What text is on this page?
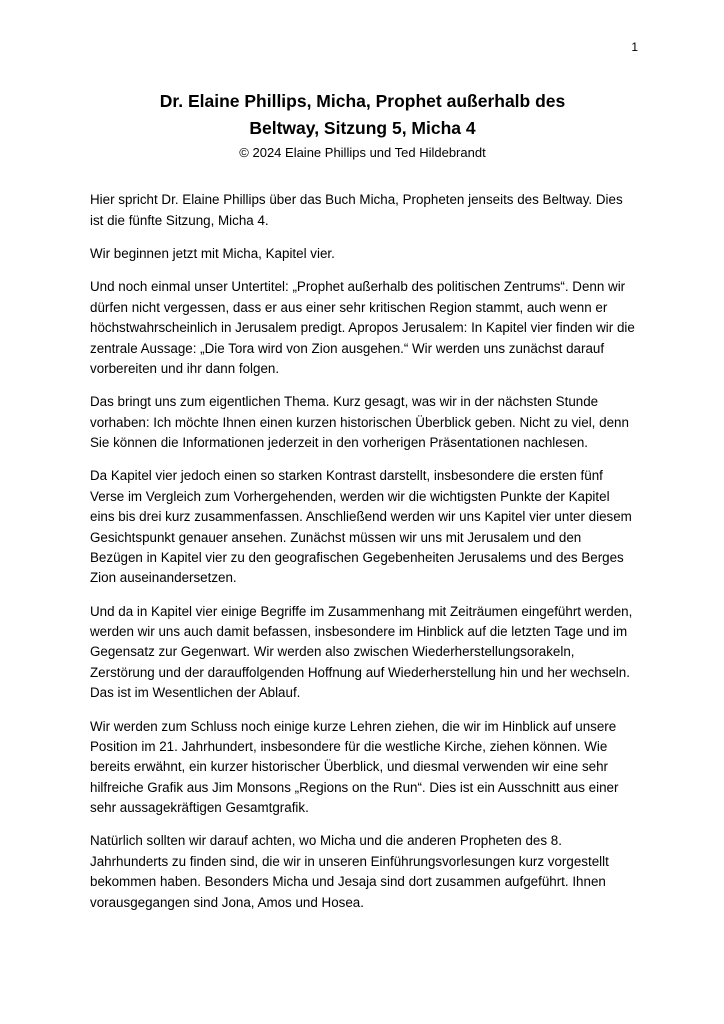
1
Dr. Elaine Phillips, Micha, Prophet außerhalb des
Beltway, Sitzung 5, Micha 4
© 2024 Elaine Phillips und Ted Hildebrandt

Hier spricht Dr. Elaine Phillips über das Buch Micha, Propheten jenseits des Beltway. Dies ist die fünfte Sitzung, Micha 4.

Wir beginnen jetzt mit Micha, Kapitel vier.

Und noch einmal unser Untertitel: „Prophet außerhalb des politischen Zentrums“. Denn wir dürfen nicht vergessen, dass er aus einer sehr kritischen Region stammt, auch wenn er höchstwahrscheinlich in Jerusalem predigt. Apropos Jerusalem: In Kapitel vier finden wir die zentrale Aussage: „Die Tora wird von Zion ausgehen.“ Wir werden uns zunächst darauf vorbereiten und ihr dann folgen.

Das bringt uns zum eigentlichen Thema. Kurz gesagt, was wir in der nächsten Stunde vorhaben: Ich möchte Ihnen einen kurzen historischen Überblick geben. Nicht zu viel, denn Sie können die Informationen jederzeit in den vorherigen Präsentationen nachlesen.

Da Kapitel vier jedoch einen so starken Kontrast darstellt, insbesondere die ersten fünf Verse im Vergleich zum Vorhergehenden, werden wir die wichtigsten Punkte der Kapitel eins bis drei kurz zusammenfassen. Anschließend werden wir uns Kapitel vier unter diesem Gesichtspunkt genauer ansehen. Zunächst müssen wir uns mit Jerusalem und den Bezügen in Kapitel vier zu den geografischen Gegebenheiten Jerusalems und des Berges Zion auseinandersetzen.

Und da in Kapitel vier einige Begriffe im Zusammenhang mit Zeiträumen eingeführt werden, werden wir uns auch damit befassen, insbesondere im Hinblick auf die letzten Tage und im Gegensatz zur Gegenwart. Wir werden also zwischen Wiederherstellungsorakeln, Zerstörung und der darauffolgenden Hoffnung auf Wiederherstellung hin und her wechseln. Das ist im Wesentlichen der Ablauf.

Wir werden zum Schluss noch einige kurze Lehren ziehen, die wir im Hinblick auf unsere Position im 21. Jahrhundert, insbesondere für die westliche Kirche, ziehen können. Wie bereits erwähnt, ein kurzer historischer Überblick, und diesmal verwenden wir eine sehr hilfreiche Grafik aus Jim Monsons „Regions on the Run“. Dies ist ein Ausschnitt aus einer sehr aussagekräftigen Gesamtgrafik.

Natürlich sollten wir darauf achten, wo Micha und die anderen Propheten des 8. Jahrhunderts zu finden sind, die wir in unseren Einführungsvorlesungen kurz vorgestellt bekommen haben. Besonders Micha und Jesaja sind dort zusammen aufgeführt. Ihnen vorausgegangen sind Jona, Amos und Hosea.
